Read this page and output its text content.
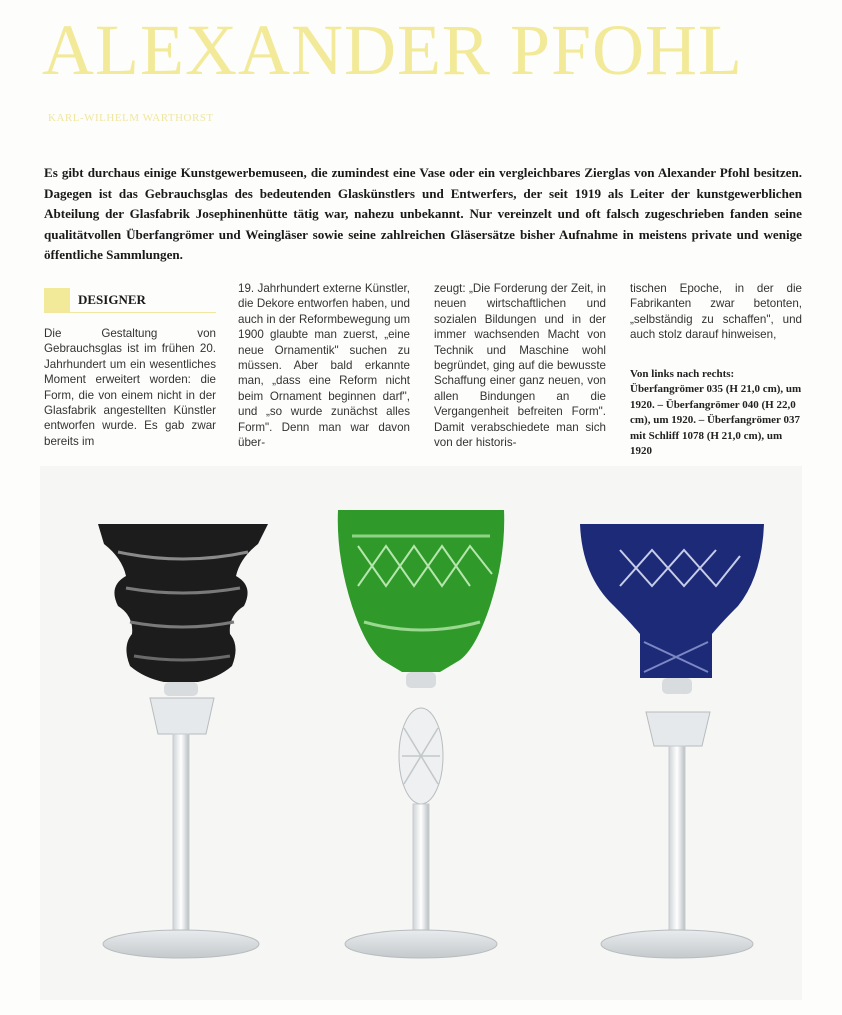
ALEXANDER PFOHL
KARL-WILHELM WARTHORST

Es gibt durchaus einige Kunstgewerbemuseen, die zumindest eine Vase oder ein vergleichbares Zierglas von Alexander Pfohl besitzen. Dagegen ist das Gebrauchsglas des bedeutenden Glaskünstlers und Entwerfers, der seit 1919 als Leiter der kunstgewerblichen Abteilung der Glasfabrik Josephinenhütte tätig war, nahezu unbekannt. Nur vereinzelt und oft falsch zugeschrieben fanden seine qualitätvollen Überfangrömer und Weingläser sowie seine zahlreichen Gläsersätze bisher Aufnahme in meistens private und wenige öffentliche Sammlungen.

DESIGNER

Die Gestaltung von Gebrauchsglas ist im frühen 20. Jahrhundert um ein wesentliches Moment erweitert worden: die Form, die von einem nicht in der Glasfabrik angestellten Künstler entworfen wurde. Es gab zwar bereits im

19. Jahrhundert externe Künstler, die Dekore entworfen haben, und auch in der Reformbewegung um 1900 glaubte man zuerst, „eine neue Ornamentik" suchen zu müssen. Aber bald erkannte man, „dass eine Reform nicht beim Ornament beginnen darf", und „so wurde zunächst alles Form". Denn man war davon über-

zeugt: „Die Forderung der Zeit, in neuen wirtschaftlichen und sozialen Bildungen und in der immer wachsenden Macht von Technik und Maschine wohl begründet, ging auf die bewusste Schaffung einer ganz neuen, von allen Bindungen an die Vergangenheit befreiten Form". Damit verabschiedete man sich von der historis-

tischen Epoche, in der die Fabrikanten zwar betonten, „selbständig zu schaffen", und auch stolz darauf hinweisen,

Von links nach rechts: Überfangrömer 035 (H 21,0 cm), um 1920. – Überfangrömer 040 (H 22,0 cm), um 1920. – Überfangrömer 037 mit Schliff 1078 (H 21,0 cm), um 1920
